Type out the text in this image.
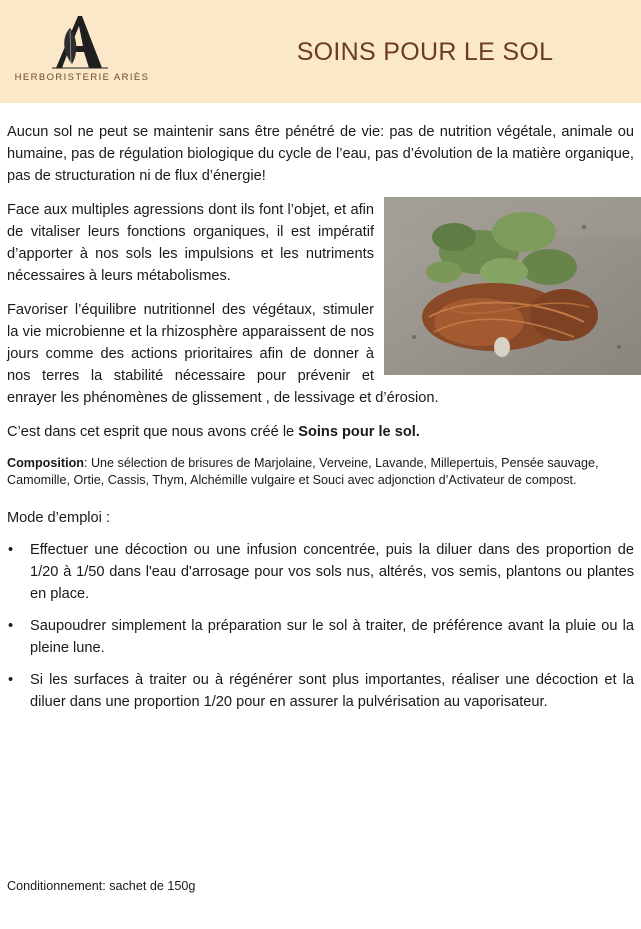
HERBORISTERIE ARIÈS
SOINS POUR LE SOL

Aucun sol ne peut se maintenir sans être pénétré de vie: pas de nutrition végétale, animale ou humaine, pas de régulation biologique du cycle de l’eau, pas d’évolution de la matière organique, pas de structuration ni de flux d’énergie!

Face aux multiples agressions dont ils font l’objet, et afin de vitaliser leurs fonctions organiques, il est impératif d’apporter à nos sols les impulsions et les nutriments nécessaires à leurs métabolismes.

Favoriser l’équilibre nutritionnel des végétaux, stimuler la vie microbienne et la rhizosphère apparaissent de nos jours comme des actions prioritaires afin de donner à nos terres la stabilité nécessaire pour prévenir et enrayer les phénomènes de glissement , de lessivage et d’érosion.

C’est dans cet esprit que nous avons créé le Soins pour le sol.

Composition: Une sélection de brisures de Marjolaine, Verveine, Lavande, Millepertuis, Pensée sauvage, Camomille, Ortie, Cassis, Thym, Alchémille vulgaire et Souci avec adjonction d’Activateur de compost.
Mode d’emploi :
• Effectuer une décoction ou une infusion concentrée, puis la diluer dans des proportion de 1/20 à 1/50 dans l'eau d'arrosage pour vos sols nus, altérés, vos semis, plantons ou plantes en place.
• Saupoudrer simplement la préparation sur le sol à traiter, de préférence avant la pluie ou la pleine lune.
• Si les surfaces à traiter ou à régénérer sont plus importantes, réaliser une décoction et la diluer dans une proportion 1/20 pour en assurer la pulvérisation au vaporisateur.
Conditionnement: sachet de 150g
